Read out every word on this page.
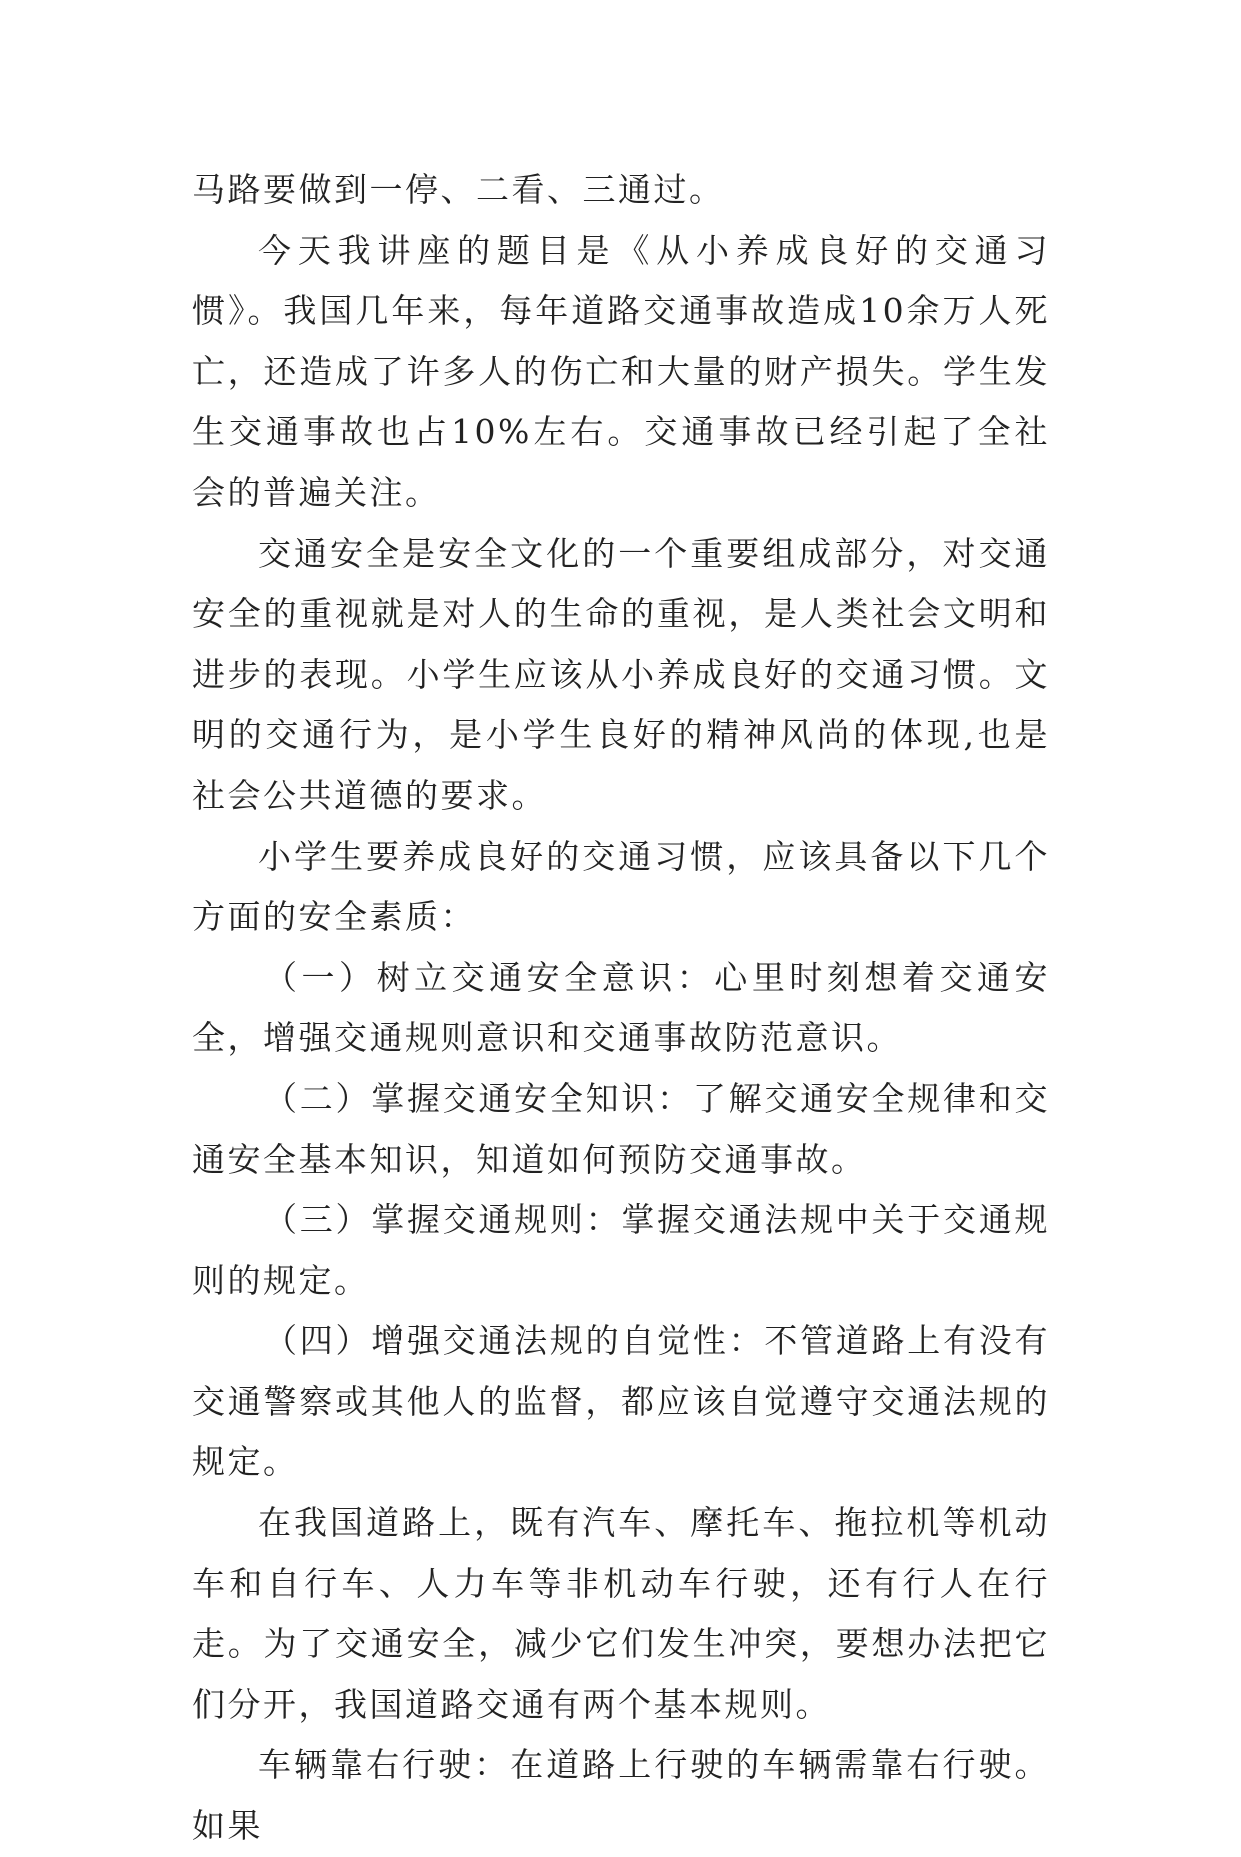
马路要做到一停、二看、三通过。

今天我讲座的题目是《从小养成良好的交通习惯》。我国几年来，每年道路交通事故造成10余万人死亡，还造成了许多人的伤亡和大量的财产损失。学生发生交通事故也占10%左右。交通事故已经引起了全社会的普遍关注。

交通安全是安全文化的一个重要组成部分，对交通安全的重视就是对人的生命的重视，是人类社会文明和进步的表现。小学生应该从小养成良好的交通习惯。文明的交通行为，是小学生良好的精神风尚的体现,也是社会公共道德的要求。

小学生要养成良好的交通习惯，应该具备以下几个方面的安全素质：

（一）树立交通安全意识：心里时刻想着交通安全，增强交通规则意识和交通事故防范意识。

（二）掌握交通安全知识：了解交通安全规律和交通安全基本知识，知道如何预防交通事故。

（三）掌握交通规则：掌握交通法规中关于交通规则的规定。

（四）增强交通法规的自觉性：不管道路上有没有交通警察或其他人的监督，都应该自觉遵守交通法规的规定。

在我国道路上，既有汽车、摩托车、拖拉机等机动车和自行车、人力车等非机动车行驶，还有行人在行走。为了交通安全，减少它们发生冲突，要想办法把它们分开，我国道路交通有两个基本规则。

车辆靠右行驶：在道路上行驶的车辆需靠右行驶。如果
